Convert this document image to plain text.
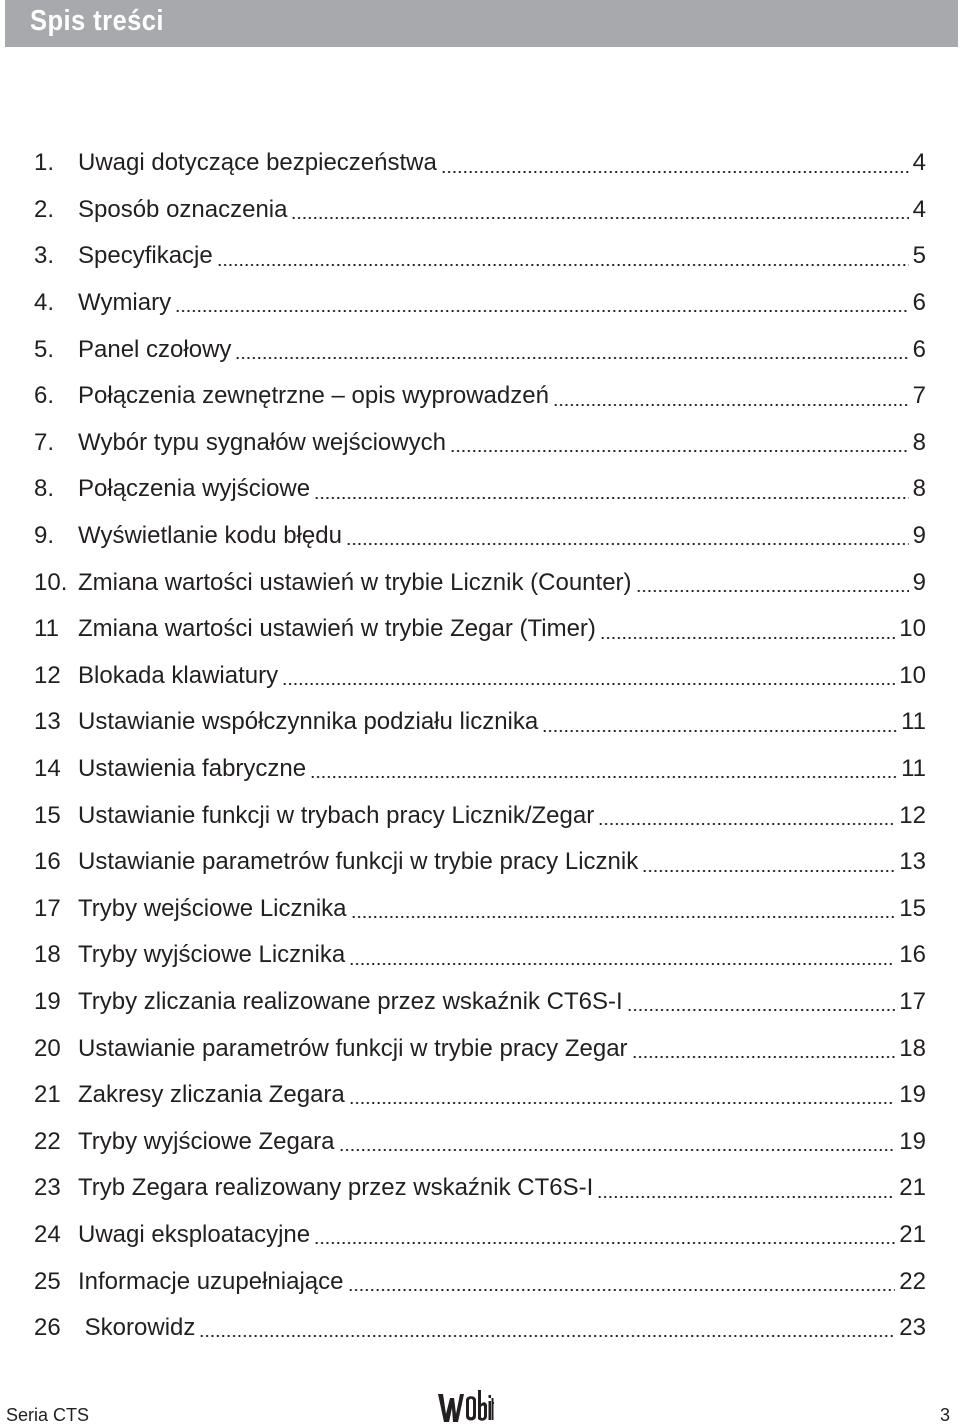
Spis treści
1. Uwagi dotyczące bezpieczeństwa	4
2. Sposób oznaczenia	4
3. Specyfikacje	5
4. Wymiary	6
5. Panel czołowy	6
6. Połączenia zewnętrzne – opis wyprowadzeń	7
7. Wybór typu sygnałów wejściowych	8
8. Połączenia wyjściowe	8
9. Wyświetlanie kodu błędu	9
10. Zmiana wartości ustawień w trybie Licznik (Counter)	9
11 Zmiana wartości ustawień w trybie Zegar (Timer)	10
12 Blokada klawiatury	10
13 Ustawianie współczynnika podziału licznika	11
14 Ustawienia fabryczne	11
15 Ustawianie funkcji w trybach pracy Licznik/Zegar	12
16 Ustawianie parametrów funkcji w trybie pracy Licznik	13
17 Tryby wejściowe Licznika	15
18 Tryby wyjściowe Licznika	16
19 Tryby zliczania realizowane przez wskaźnik CT6S-I	17
20 Ustawianie parametrów funkcji w trybie pracy Zegar	18
21 Zakresy zliczania Zegara	19
22 Tryby wyjściowe Zegara	19
23 Tryb Zegara realizowany przez wskaźnik CT6S-I	21
24 Uwagi eksploatacyjne	21
25 Informacje uzupełniające	22
26 Skorowidz	23
Seria CTS	3
